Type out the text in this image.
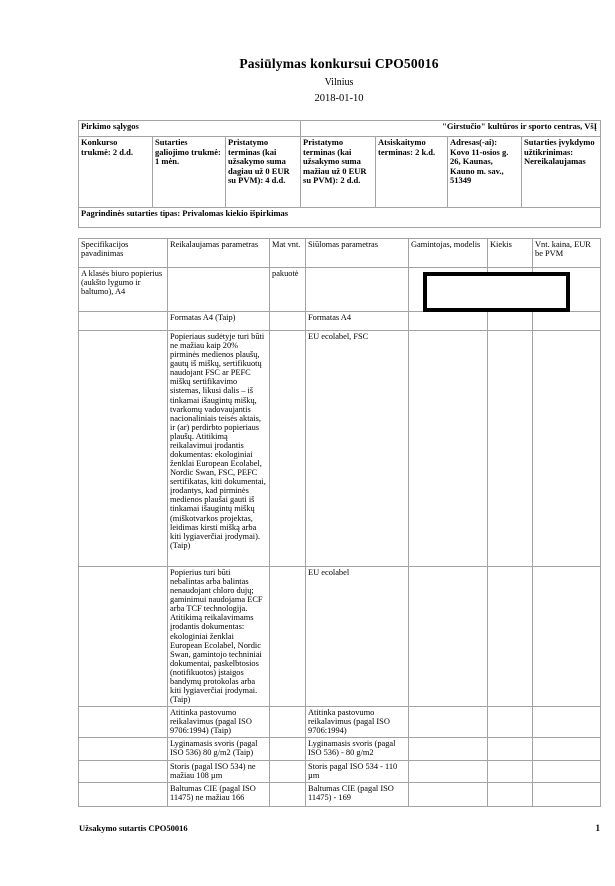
Pasiūlymas konkursui CPO50016
Vilnius
2018-01-10
Pirkimo sąlygos			"Girstučio" kultūros ir sporto centras, VšĮ			
Konkurso trukmė: 2 d.d.	Sutarties galiojimo trukmė: 1 mėn.	Pristatymo terminas (kai užsakymo suma dagiau už 0 EUR su PVM): 4 d.d.	Pristatymo terminas (kai užsakymo suma mažiau už 0 EUR su PVM): 2 d.d.	Atsiskaitymo terminas: 2 k.d.	Adresas(-ai): Kovo 11-osios g. 26, Kaunas, Kauno m. sav., 51349	Sutarties įvykdymo užtikrinimas: Nereikalaujamas
Pagrindinės sutarties tipas: Privalomas kiekio išpirkimas						
Specifikacijos pavadinimas	Reikalaujamas parametras	Mat vnt.	Siūlomas parametras	Gamintojas, modelis	Kiekis	Vnt. kaina, EUR be PVM
A klasės biuro popierius (aukšto lygumo ir baltumo), A4		pakuotė				
	Formatas A4 (Taip)		Formatas A4			
	Popieriaus sudėtyje turi būti ne mažiau kaip 20% pirminės medienos plaušų, gautų iš miškų, sertifikuotų naudojant FSC ar PEFC miškų sertifikavimo sistemas, likusi dalis – iš tinkamai išaugintų miškų, tvarkomų vadovaujantis nacionaliniais teisės aktais, ir (ar) perdirbto popieriaus plaušų. Atitikimą reikalavimui įrodantis dokumentas: ekologiniai ženklai European Ecolabel, Nordic Swan, FSC, PEFC sertifikatas, kiti dokumentai, įrodantys, kad pirminės medienos plaušai gauti iš tinkamai išaugintų miškų (miškotvarkos projektas, leidimas kirsti mišką arba kiti lygiaverčiai įrodymai). (Taip)		EU ecolabel, FSC			
	Popierius turi būti nebalintas arba balintas nenaudojant chloro dujų; gaminimui naudojama ECF arba TCF technologija. Atitikimą reikalavimams įrodantis dokumentas: ekologiniai ženklai European Ecolabel, Nordic Swan, gamintojo techniniai dokumentai, paskelbtosios (notifikuotos) įstaigos bandymų protokolas arba kiti lygiaverčiai įrodymai. (Taip)		EU ecolabel			
	Atitinka pastovumo reikalavimus (pagal ISO 9706:1994) (Taip)		Atitinka pastovumo reikalavimus (pagal ISO 9706:1994)			
	Lyginamasis svoris (pagal ISO 536) 80 g/m2 (Taip)		Lyginamasis svoris (pagal ISO 536) - 80 g/m2			
	Storis (pagal ISO 534) ne mažiau 108 µm		Storis pagal ISO 534 - 110 µm			
	Baltumas CIE (pagal ISO 11475) ne mažiau 166		Baltumas CIE (pagal ISO 11475) - 169			
Užsakymo sutartis CPO50016	1
